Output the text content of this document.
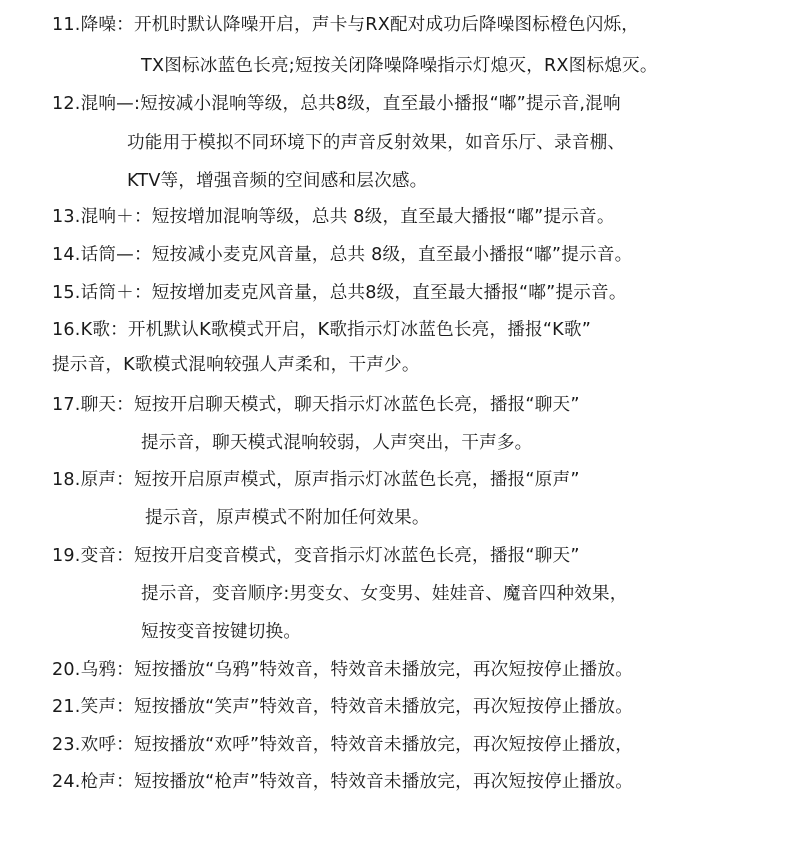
11.降噪：开机时默认降噪开启，声卡与RX配对成功后降噪图标橙色闪烁，
TX图标冰蓝色长亮;短按关闭降噪降噪指示灯熄灭，RX图标熄灭。
12.混响—:短按减小混响等级，总共8级，直至最小播报“嘟”提示音,混响
功能用于模拟不同环境下的声音反射效果，如音乐厅、录音棚、
KTV等，增强音频的空间感和层次感。
13.混响＋：短按增加混响等级，总共 8级，直至最大播报“嘟”提示音。
14.话筒—：短按减小麦克风音量，总共 8级，直至最小播报“嘟”提示音。
15.话筒＋：短按增加麦克风音量，总共8级，直至最大播报“嘟”提示音。
16.K歌：开机默认K歌模式开启，K歌指示灯冰蓝色长亮，播报“K歌”
提示音，K歌模式混响较强人声柔和，干声少。
17.聊天：短按开启聊天模式，聊天指示灯冰蓝色长亮，播报“聊天”
提示音，聊天模式混响较弱，人声突出，干声多。
18.原声：短按开启原声模式，原声指示灯冰蓝色长亮，播报“原声”
提示音，原声模式不附加任何效果。
19.变音：短按开启变音模式，变音指示灯冰蓝色长亮，播报“聊天”
提示音，变音顺序:男变女、女变男、娃娃音、魔音四种效果，
短按变音按键切换。
20.乌鸦：短按播放“乌鸦”特效音，特效音未播放完，再次短按停止播放。
21.笑声：短按播放“笑声”特效音，特效音未播放完，再次短按停止播放。
23.欢呼：短按播放“欢呼”特效音，特效音未播放完，再次短按停止播放，
24.枪声：短按播放“枪声”特效音，特效音未播放完，再次短按停止播放。
